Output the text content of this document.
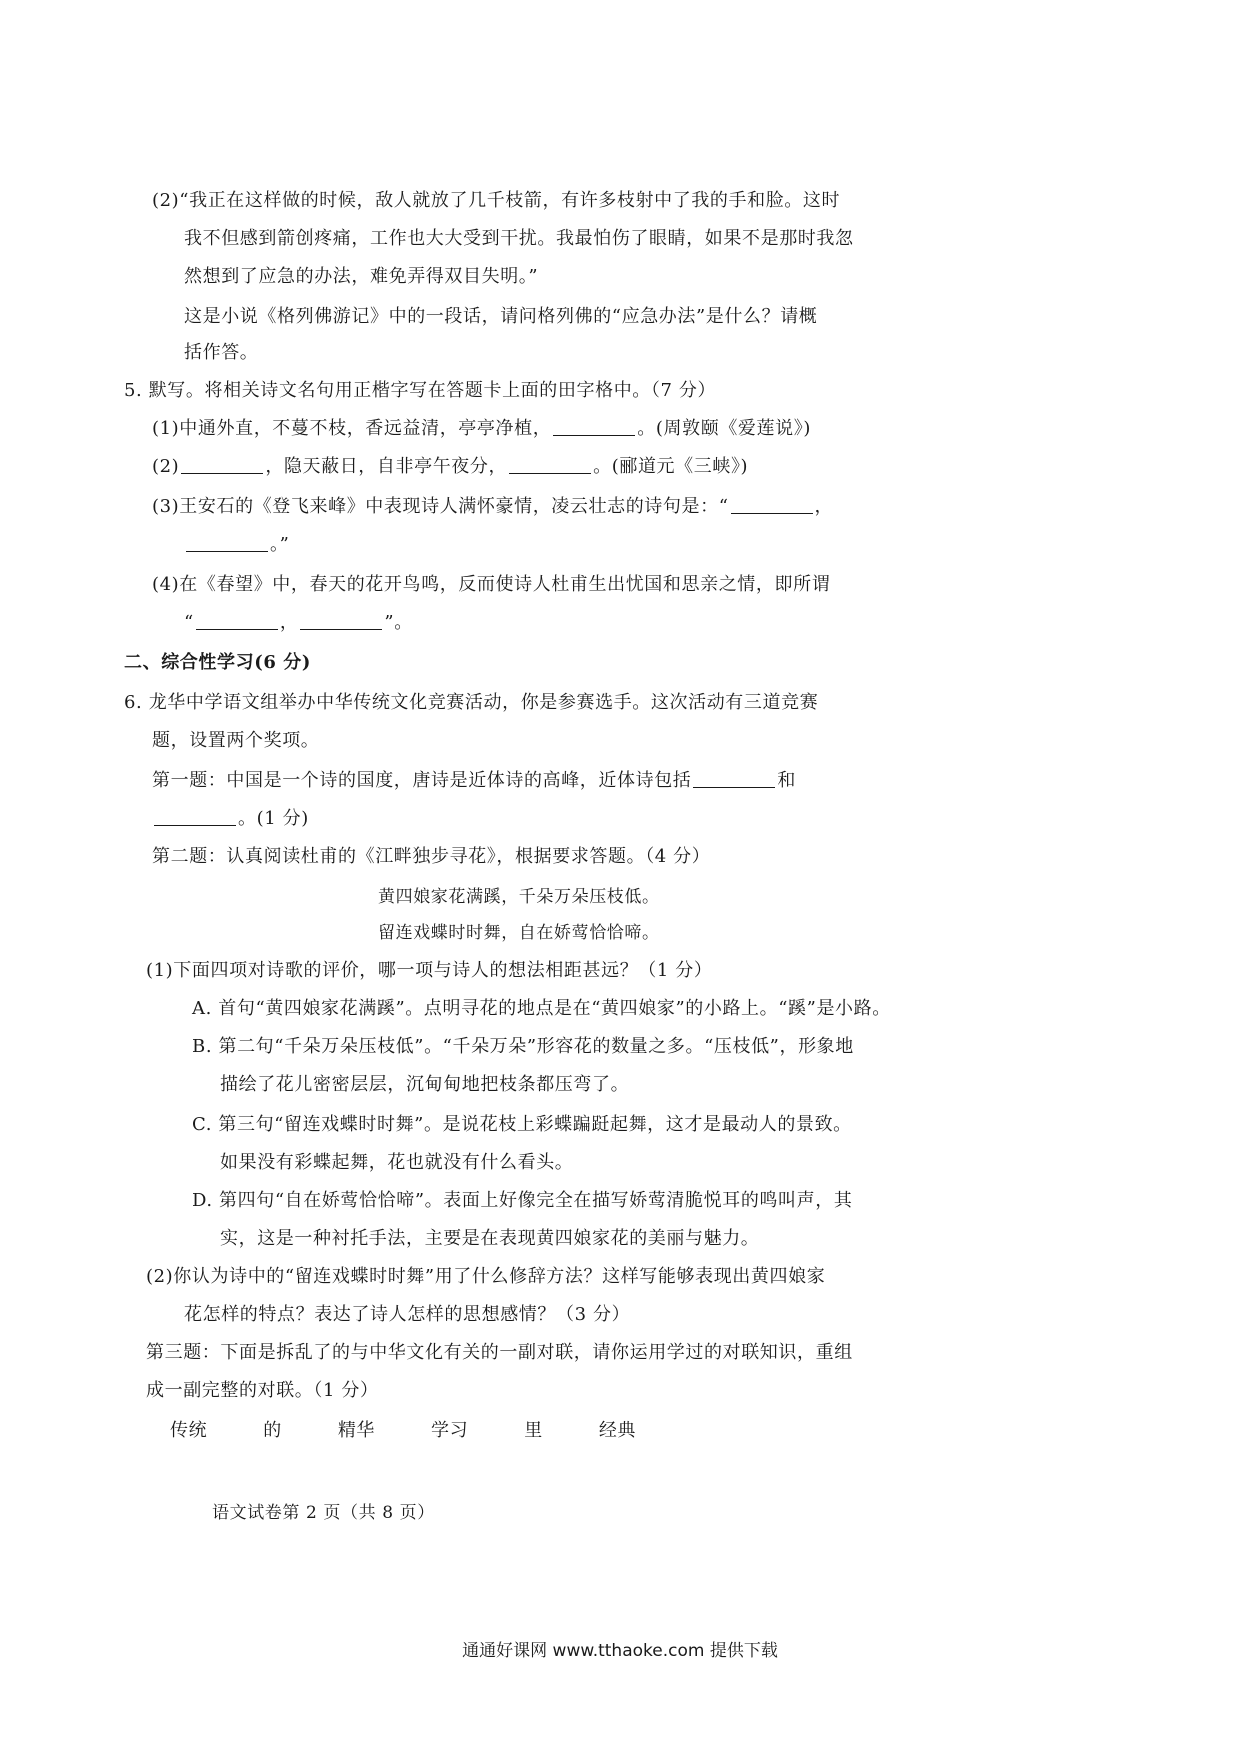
(2)“我正在这样做的时候，敌人就放了几千枝箭，有许多枝射中了我的手和脸。这时
我不但感到箭创疼痛，工作也大大受到干扰。我最怕伤了眼睛，如果不是那时我忽
然想到了应急的办法，难免弄得双目失明。”
这是小说《格列佛游记》中的一段话，请问格列佛的“应急办法”是什么？请概
括作答。
5. 默写。将相关诗文名句用正楷字写在答题卡上面的田字格中。（7 分）
(1)中通外直，不蔓不枝，香远益清，亭亭净植，	。(周敦颐《爱莲说》)
(2)	，隐天蔽日，自非亭午夜分，	。(郦道元《三峡》)
(3)王安石的《登飞来峰》中表现诗人满怀豪情，凌云壮志的诗句是：“	，
。”
(4)在《春望》中，春天的花开鸟鸣，反而使诗人杜甫生出忧国和思亲之情，即所谓
“	，	”。
二、综合性学习(6 分)
6. 龙华中学语文组举办中华传统文化竞赛活动，你是参赛选手。这次活动有三道竞赛
题，设置两个奖项。
第一题：中国是一个诗的国度，唐诗是近体诗的高峰，近体诗包括	和
。(1 分)
第二题：认真阅读杜甫的《江畔独步寻花》，根据要求答题。（4 分）
黄四娘家花满蹊，千朵万朵压枝低。
留连戏蝶时时舞，自在娇莺恰恰啼。
(1)下面四项对诗歌的评价，哪一项与诗人的想法相距甚远？（1 分）
A. 首句“黄四娘家花满蹊”。点明寻花的地点是在“黄四娘家”的小路上。“蹊”是小路。
B. 第二句“千朵万朵压枝低”。“千朵万朵”形容花的数量之多。“压枝低”，形象地
描绘了花儿密密层层，沉甸甸地把枝条都压弯了。
C. 第三句“留连戏蝶时时舞”。是说花枝上彩蝶蹁跹起舞，这才是最动人的景致。
如果没有彩蝶起舞，花也就没有什么看头。
D. 第四句“自在娇莺恰恰啼”。表面上好像完全在描写娇莺清脆悦耳的鸣叫声，其
实，这是一种衬托手法，主要是在表现黄四娘家花的美丽与魅力。
(2)你认为诗中的“留连戏蝶时时舞”用了什么修辞方法？这样写能够表现出黄四娘家
花怎样的特点？表达了诗人怎样的思想感情？（3 分）
第三题：下面是拆乱了的与中华文化有关的一副对联，请你运用学过的对联知识，重组
成一副完整的对联。（1 分）
传统	的	精华	学习	里	经典
语文试卷第 2 页（共 8 页）
通通好课网 www.tthaoke.com 提供下载
